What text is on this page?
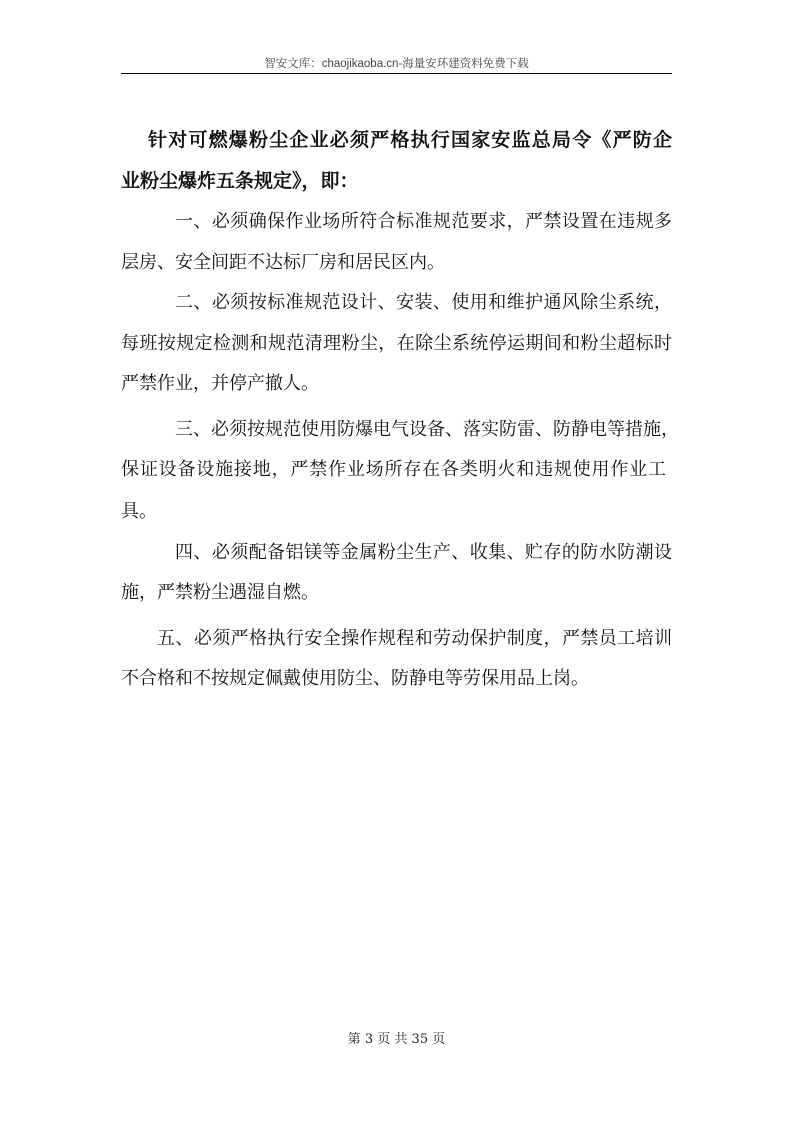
智安文库：chaojikaoba.cn-海量安环建资料免费下载
针对可燃爆粉尘企业必须严格执行国家安监总局令《严防企
业粉尘爆炸五条规定》，即：
一、必须确保作业场所符合标准规范要求，严禁设置在违规多
层房、安全间距不达标厂房和居民区内。
二、必须按标准规范设计、安装、使用和维护通风除尘系统，
每班按规定检测和规范清理粉尘，在除尘系统停运期间和粉尘超标时
严禁作业，并停产撤人。
三、必须按规范使用防爆电气设备、落实防雷、防静电等措施，
保证设备设施接地，严禁作业场所存在各类明火和违规使用作业工
具。
四、必须配备铝镁等金属粉尘生产、收集、贮存的防水防潮设
施，严禁粉尘遇湿自燃。
五、必须严格执行安全操作规程和劳动保护制度，严禁员工培训
不合格和不按规定佩戴使用防尘、防静电等劳保用品上岗。
第 3 页 共 35 页
